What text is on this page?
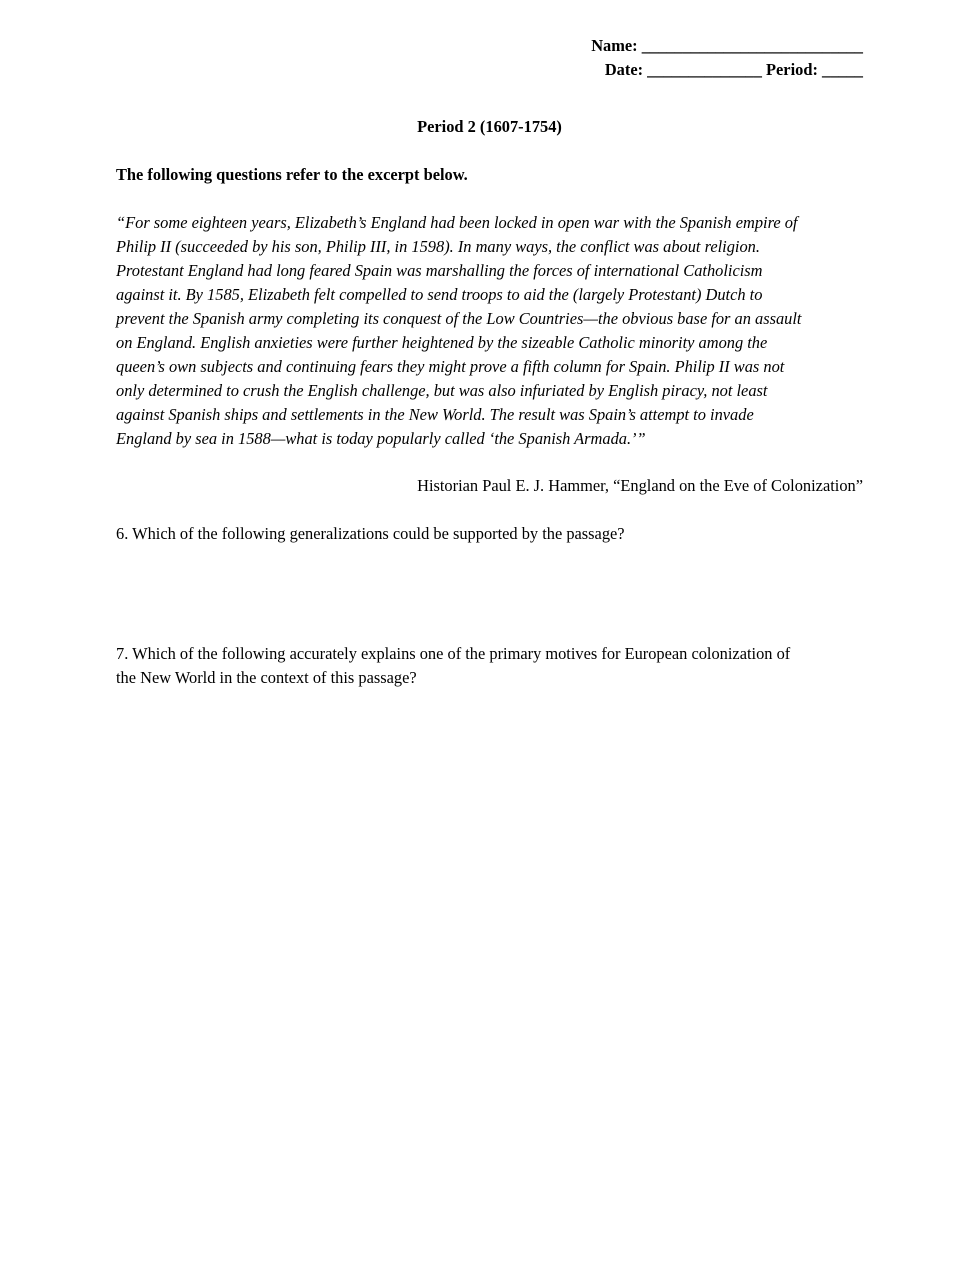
Name: ___________________________
Date: ______________ Period: _____
Period 2 (1607-1754)
The following questions refer to the excerpt below.
“For some eighteen years, Elizabeth’s England had been locked in open war with the Spanish empire of
Philip II (succeeded by his son, Philip III, in 1598). In many ways, the conflict was about religion.
Protestant England had long feared Spain was marshalling the forces of international Catholicism
against it. By 1585, Elizabeth felt compelled to send troops to aid the (largely Protestant) Dutch to
prevent the Spanish army completing its conquest of the Low Countries—the obvious base for an assault
on England. English anxieties were further heightened by the sizeable Catholic minority among the
queen’s own subjects and continuing fears they might prove a fifth column for Spain. Philip II was not
only determined to crush the English challenge, but was also infuriated by English piracy, not least
against Spanish ships and settlements in the New World. The result was Spain’s attempt to invade
England by sea in 1588—what is today popularly called ‘the Spanish Armada.’”
Historian Paul E. J. Hammer, “England on the Eve of Colonization”
6. Which of the following generalizations could be supported by the passage?
7. Which of the following accurately explains one of the primary motives for European colonization of
the New World in the context of this passage?
